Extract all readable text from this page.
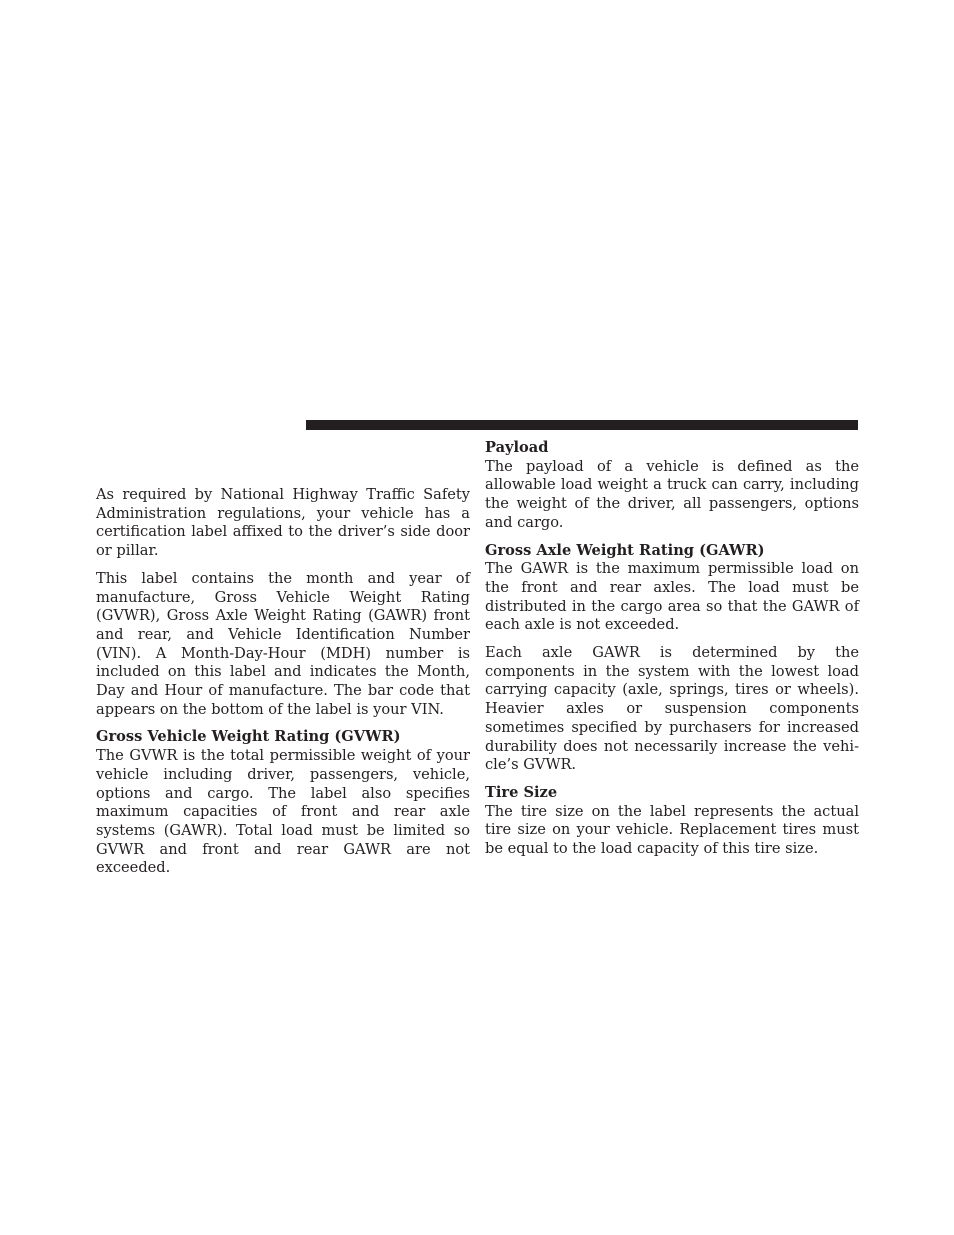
As required by National Highway Traffic Safety Administration regulations, your vehicle has a certification label affixed to the driver’s side door or pillar.

This label contains the month and year of manufacture, Gross Vehicle Weight Rating (GVWR), Gross Axle Weight Rating (GAWR) front and rear, and Vehicle Identification Number (VIN). A Month-Day-Hour (MDH) number is included on this label and indicates the Month, Day and Hour of manufacture. The bar code that appears on the bottom of the label is your VIN.

Gross Vehicle Weight Rating (GVWR)

The GVWR is the total permissible weight of your vehicle including driver, passengers, vehicle, options and cargo. The label also specifies maximum capacities of front and rear axle systems (GAWR). Total load must be limited so GVWR and front and rear GAWR are not exceeded.

Payload

The payload of a vehicle is defined as the allowable load weight a truck can carry, including the weight of the driver, all passengers, options and cargo.

Gross Axle Weight Rating (GAWR)

The GAWR is the maximum permissible load on the front and rear axles. The load must be distributed in the cargo area so that the GAWR of each axle is not exceeded.

Each axle GAWR is determined by the components in the system with the lowest load carrying capacity (axle, springs, tires or wheels). Heavier axles or suspension components sometimes specified by purchasers for increased durability does not necessarily increase the vehicle’s GVWR.

Tire Size

The tire size on the label represents the actual tire size on your vehicle. Replacement tires must be equal to the load capacity of this tire size.
